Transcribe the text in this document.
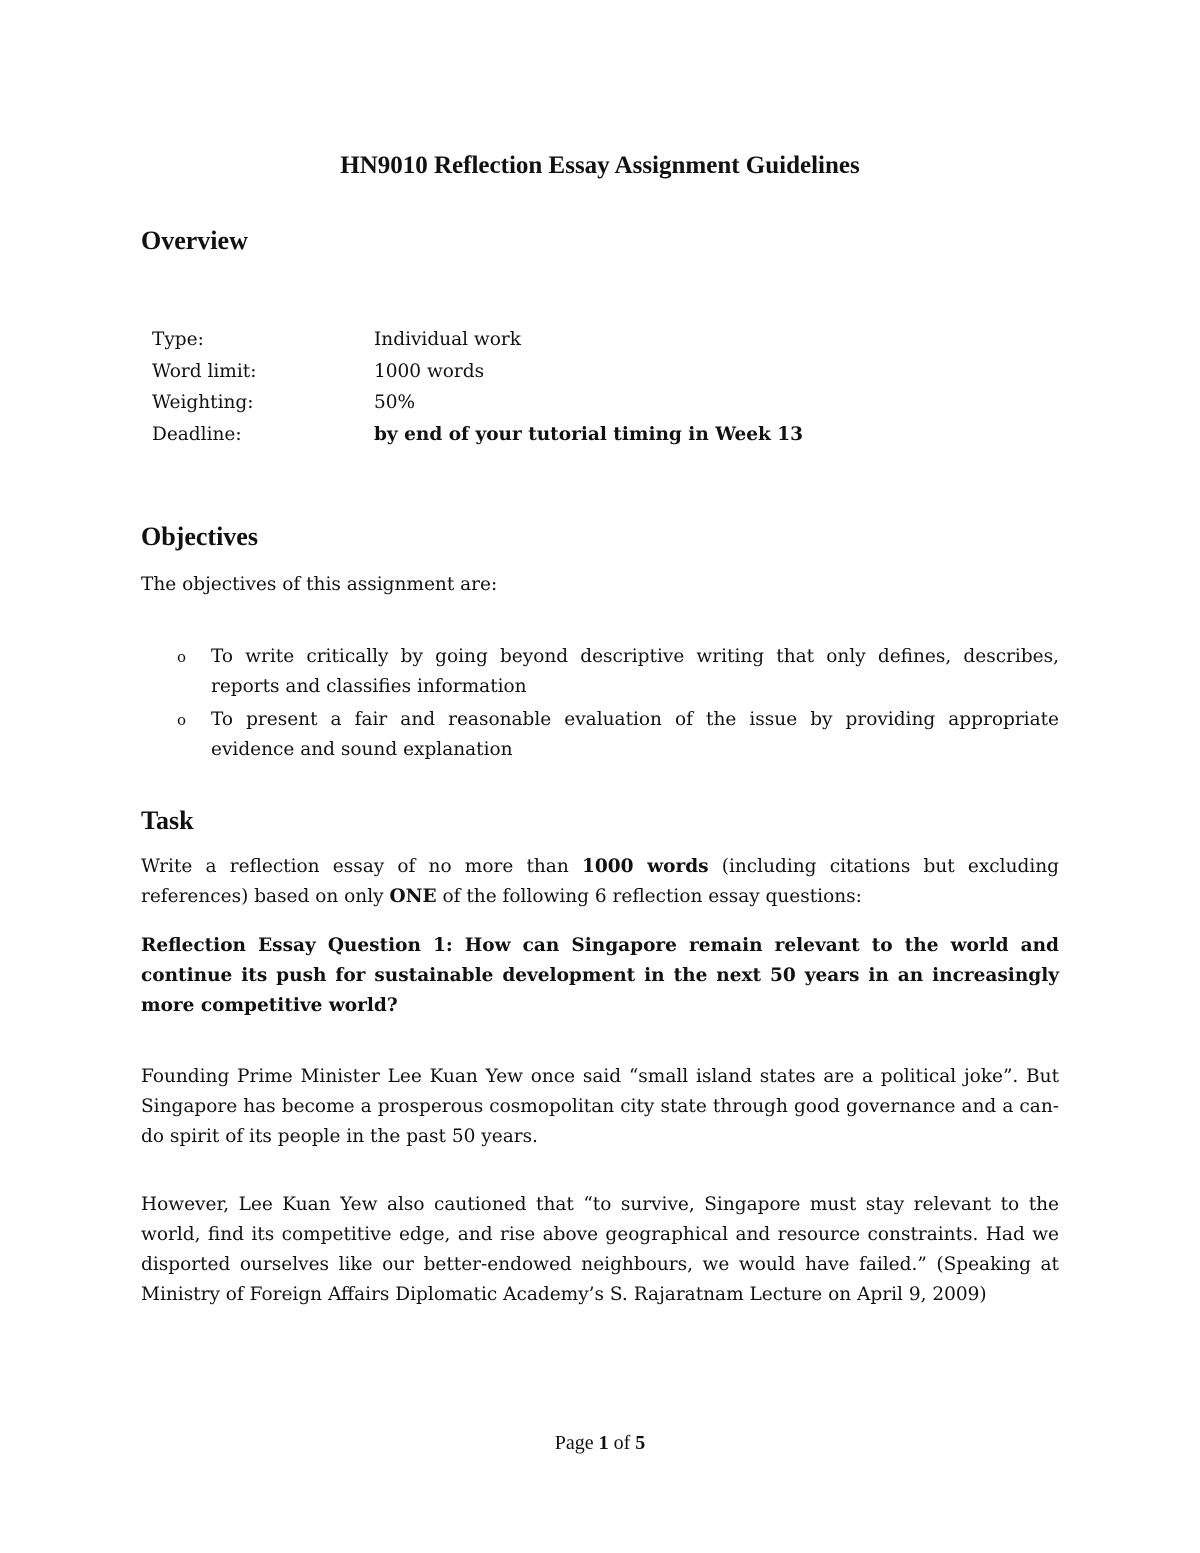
HN9010 Reflection Essay Assignment Guidelines
Overview
Type:	Individual work
Word limit:	1000 words
Weighting:	50%
Deadline:	by end of your tutorial timing in Week 13
Objectives
The objectives of this assignment are:
o To write critically by going beyond descriptive writing that only defines, describes, reports and classifies information
o To present a fair and reasonable evaluation of the issue by providing appropriate evidence and sound explanation
Task
Write a reflection essay of no more than 1000 words (including citations but excluding references) based on only ONE of the following 6 reflection essay questions:
Reflection Essay Question 1: How can Singapore remain relevant to the world and continue its push for sustainable development in the next 50 years in an increasingly more competitive world?
Founding Prime Minister Lee Kuan Yew once said “small island states are a political joke”. But Singapore has become a prosperous cosmopolitan city state through good governance and a can-do spirit of its people in the past 50 years.
However, Lee Kuan Yew also cautioned that “to survive, Singapore must stay relevant to the world, find its competitive edge, and rise above geographical and resource constraints. Had we disported ourselves like our better-endowed neighbours, we would have failed.” (Speaking at Ministry of Foreign Affairs Diplomatic Academy’s S. Rajaratnam Lecture on April 9, 2009)
Page 1 of 5
